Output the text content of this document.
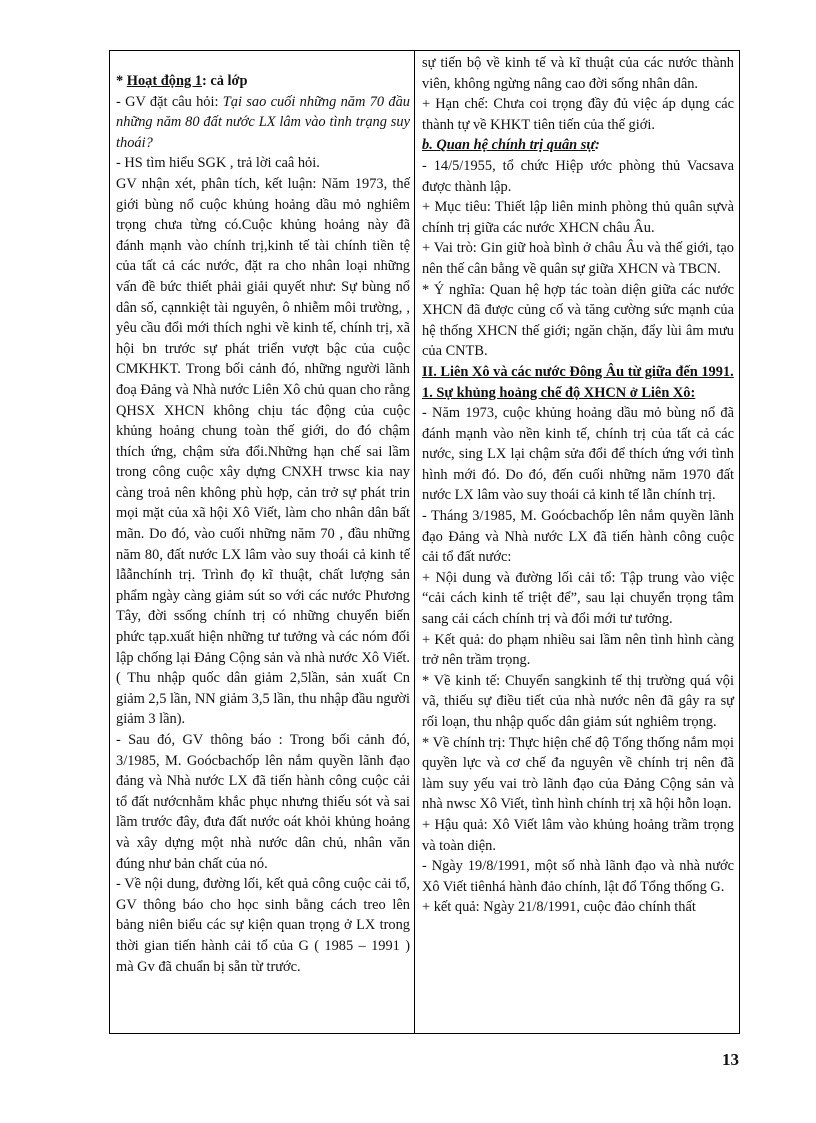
* Hoạt động 1: cả lớp

- GV đặt câu hỏi: Tại sao cuối những năm 70 đầu những năm 80 đất nước LX lâm vào tình trạng suy thoái?

- HS tìm hiểu SGK , trả lời caâ hỏi.

GV nhận xét, phân tích, kết luận: Năm 1973, thế giới bùng nổ cuộc khủng hoảng dầu mỏ nghiêm trọng chưa từng có.Cuộc khủng hoảng này đã đánh mạnh vào chính trị,kinh tế tài chính tiền tệ của tất cả các nước, đặt ra cho nhân loại những vấn đề bức thiết phải giải quyết như: Sự bùng nổ dân số, cạnnkiệt tài nguyên, ô nhiễm môi trường, , yêu cầu đổi mới thích nghi về kinh tế, chính trị, xã hội bn trước sự phát triển vượt bậc của cuộc CMKHKT. Trong bối cảnh đó, những người lãnh đoạ Đảng và Nhà nước Liên Xô chủ quan cho rằng QHSX XHCN không chịu tác động của cuộc khủng hoảng chung toàn thế giới, do đó chậm thích ứng, chậm sửa đổi.Những hạn chế sai lầm trong công cuộc xây dựng CNXH trwsc kia nay càng troả nên không phù hợp, cản trở sự phát trin mọi mặt của xã hội Xô Viết, làm cho nhân dân bất mãn. Do đó, vào cuối những năm 70 , đầu những năm 80, đất nước LX lâm vào suy thoái cả kinh tế lẫẫnchính trị. Trình đọ kĩ thuật, chất lượng sản phẩm ngày càng giảm sút so với các nước Phương Tây, đời ssống chính trị có những chuyển biến phức tạp.xuất hiện những tư tưởng và các nóm đối lập chống lại Đảng Cộng sản và nhà nước Xô Viết. ( Thu nhập quốc dân giảm 2,5lần, sản xuất Cn giảm 2,5 lần, NN giảm 3,5 lần, thu nhập đầu người giảm 3 lần).

- Sau đó, GV thông báo : Trong bối cảnh đó, 3/1985, M. Goócbachốp lên nắm quyền lãnh đạo đảng và Nhà nước LX đã tiến hành công cuộc cải tổ đất nướcnhằm khắc phục nhưng thiếu sót và sai lầm trước đây, đưa đất nước oát khỏi khủng hoảng và xây dựng một nhà nước dân chủ, nhân văn đúng như bản chất của nó.

- Về nội dung, đường lối, kết quả công cuộc cải tổ, GV thông báo cho học sinh bằng cách treo lên bảng niên biểu các sự kiện quan trọng ở LX trong thời gian tiến hành cải tổ của G ( 1985 – 1991 ) mà Gv đã chuẩn bị sẵn từ trước.

sự tiến bộ về kinh tế và kĩ thuật của các nước thành viên, không ngừng nâng cao đời sống nhân dân.

+ Hạn chế: Chưa coi trọng đầy đủ việc áp dụng các thành tự về KHKT tiên tiến của thế giới.

b. Quan hệ chính trị quân sự:

- 14/5/1955, tổ chức Hiệp ước phòng thủ Vacsava được thành lập.

+ Mục tiêu: Thiết lập liên minh phòng thủ quân sựvà chính trị giữa các nước XHCN châu Âu.

+ Vai trò: Gin giữ hoà bình ở châu Âu và thế giới, tạo nên thế cân bằng về quân sự giữa XHCN và TBCN.

* Ý nghĩa: Quan hệ hợp tác toàn diện giữa các nước XHCN đã được củng cố và tăng cường sức mạnh của hệ thống XHCN thế giới; ngăn chặn, đẩy lùi âm mưu của CNTB.

II. Liên Xô và các nước Đông Âu từ giữa đến 1991.

1. Sự khủng hoảng chế độ XHCN ở Liên Xô:

- Năm 1973, cuộc khủng hoảng dầu mỏ bùng nổ đã đánh mạnh vào nền kinh tế, chính trị của tất cả các nước, sing LX lại chậm sửa đổi để thích ứng với tình hình mới đó. Do đó, đến cuối những năm 1970 đất nước LX lâm vào suy thoái cả kinh tế lẫn chính trị.

- Tháng 3/1985, M. Goócbachốp lên nắm quyền lãnh đạo Đảng và Nhà nước LX đã tiến hành công cuộc cải tổ đất nước:

+ Nội dung và đường lối cải tổ: Tập trung vào việc “cải cách kinh tế triệt để”, sau lại chuyển trọng tâm sang cải cách chính trị và đổi mới tư tưởng.

+ Kết quả: do phạm nhiều sai lầm nên tình hình càng trở nên trầm trọng.

* Về kinh tế: Chuyển sangkinh tế thị trường quá vội vã, thiếu sự điều tiết của nhà nước nên đã gây ra sự rối loạn, thu nhập quốc dân giảm sút nghiêm trọng.

* Về chính trị: Thực hiện chế độ Tổng thống nắm mọi quyền lực và cơ chế đa nguyên về chính trị nên đã làm suy yếu vai trò lãnh đạo của Đảng Cộng sản và nhà nwsc Xô Viết, tình hình chính trị xã hội hỗn loạn.

+ Hậu quả: Xô Viết lâm vào khủng hoảng trầm trọng và toàn diện.

- Ngày 19/8/1991, một số nhà lãnh đạo và nhà nước Xô Viết tiênhá hành đảo chính, lật đổ Tổng thống G.

+ kết quả: Ngày 21/8/1991, cuộc đảo chính thất

13
